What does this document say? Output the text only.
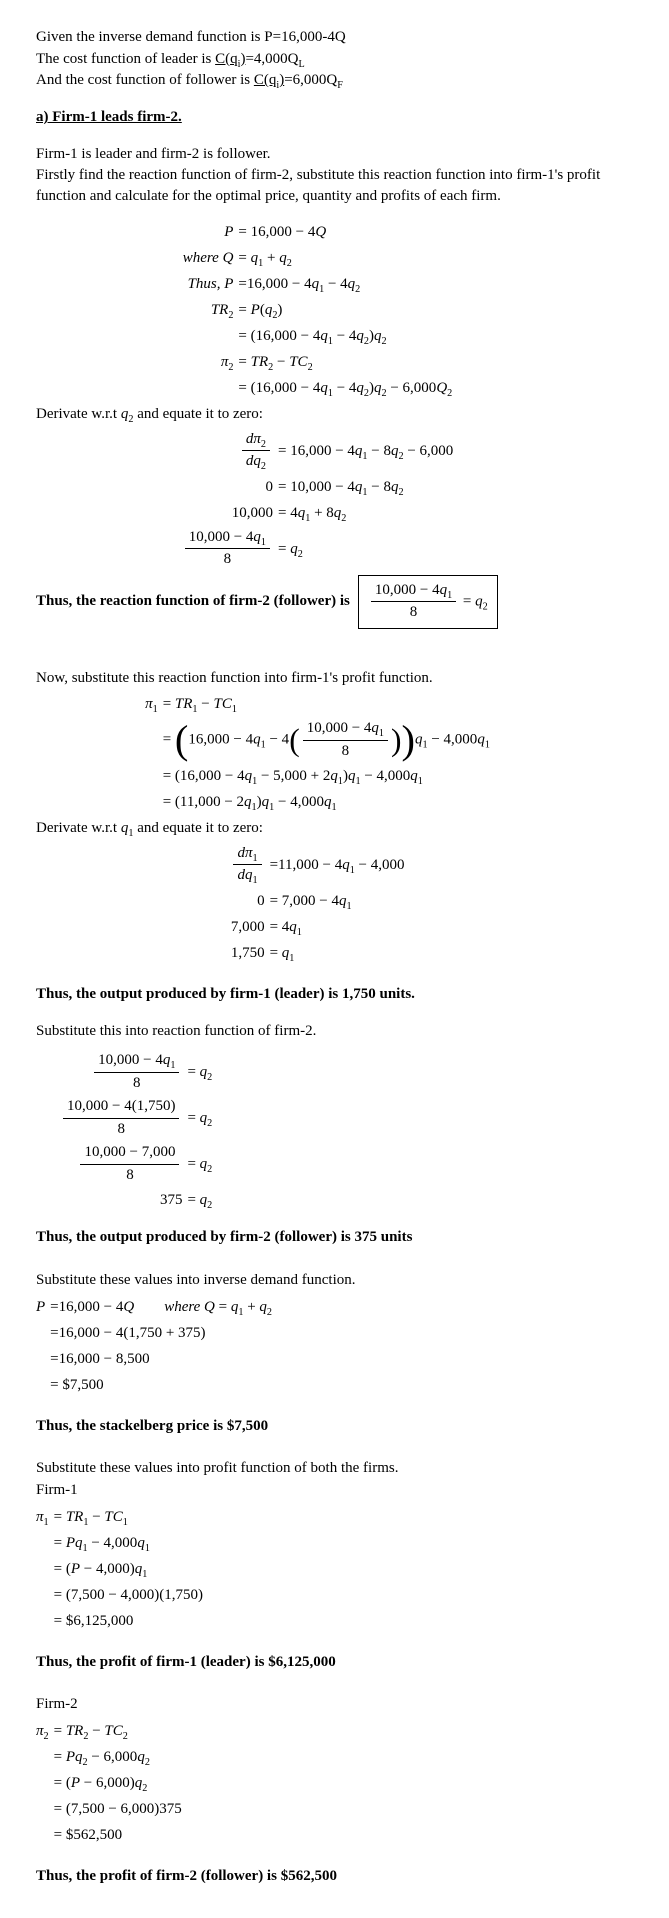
Given the inverse demand function is P=16,000-4Q
The cost function of leader is $C(q_i)=4,000Q_L$
And the cost function of follower is $C(q_i)=6,000Q_F$
a) Firm-1 leads firm-2.
Firm-1 is leader and firm-2 is follower.
Firstly find the reaction function of firm-2, substitute this reaction function into firm-1's profit function and calculate for the optimal price, quantity and profits of each firm.
P = 16,000 − 4Q
where $Q = q_1 + q_2$
Thus, $P =16,000 - 4q_1 - 4q_2$
$TR_2 = P(q_2)$
= $(16,000 - 4q_1 - 4q_2)q_2$
$\pi_2 = TR_2 - TC_2$
= $(16,000 - 4q_1 - 4q_2)q_2 - 6,000Q_2$
Derivate w.r.t $q_2$ and equate it to zero:
$\frac{d\pi_2}{dq_2} = 16,000 - 4q_1 - 8q_2 - 6,000$
$0 = 10,000 - 4q_1 - 8q_2$
$10,000 = 4q_1 + 8q_2$
$\frac{10,000 - 4q_1}{8} = q_2$
Thus, the reaction function of firm-2 (follower) is $\frac{10,000 - 4q_1}{8} = q_2$
Now, substitute this reaction function into firm-1's profit function.
$\pi_1 = TR_1 - TC_1$
= $(16,000 - 4q_1 - 4( \frac{10,000 - 4q_1}{8} ))q_1 - 4,000q_1$
= $(16,000 - 4q_1 - 5,000 + 2q_1)q_1 - 4,000q_1$
= $(11,000 - 2q_1)q_1 - 4,000q_1$
Derivate w.r.t $q_1$ and equate it to zero:
$\frac{d\pi_1}{dq_1} =11,000 - 4q_1 - 4,000$
$0 = 7,000 - 4q_1$
$7,000 = 4q_1$
$1,750 = q_1$
Thus, the output produced by firm-1 (leader) is 1,750 units.
Substitute this into reaction function of firm-2.
$\frac{10,000 - 4q_1}{8} = q_2$
$\frac{10,000 - 4(1,750)}{8} = q_2$
$\frac{10,000 - 7,000}{8} = q_2$
$375 = q_2$
Thus, the output produced by firm-2 (follower) is 375 units
Substitute these values into inverse demand function.
P =16,000 − 4Q where $Q = q_1 + q_2$
=16,000 − 4(1,750 + 375)
=16,000 − 8,500
= $7,500
Thus, the stackelberg price is $7,500
Substitute these values into profit function of both the firms.
Firm-1
$\pi_1 = TR_1 - TC_1$
= $Pq_1 - 4,000q_1$
= $(P - 4,000)q_1$
= (7,500 − 4,000)(1,750)
= $6,125,000
Thus, the profit of firm-1 (leader) is $6,125,000
Firm-2
$\pi_2 = TR_2 - TC_2$
= $Pq_2 - 6,000q_2$
= $(P - 6,000)q_2$
= (7,500 − 6,000)375
= $562,500
Thus, the profit of firm-2 (follower) is $562,500
